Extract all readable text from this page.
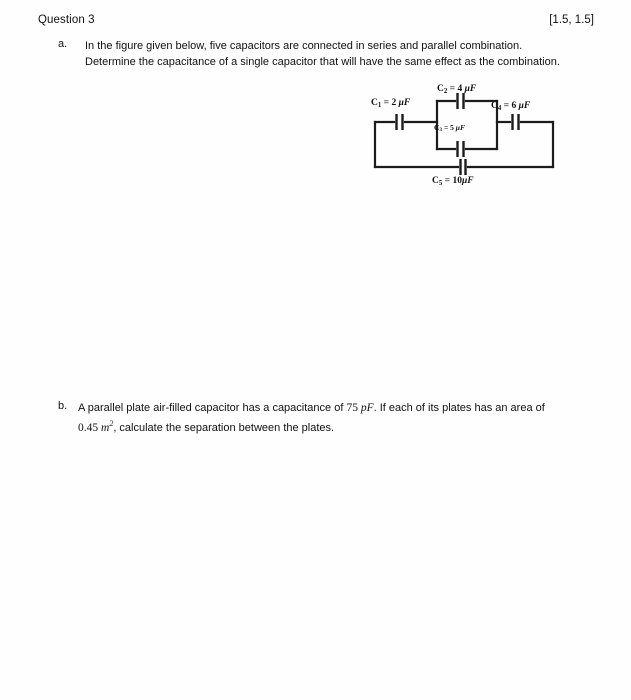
Question 3	[1.5, 1.5]
a. In the figure given below, five capacitors are connected in series and parallel combination.
Determine the capacitance of a single capacitor that will have the same effect as the combination.
$C_1 = 2$ μF
$C_2 = 4$ μF
$C_3 = 5$ μF
$C_4 = 6$ μF
$C_5 = 10\mu F$
b. A parallel plate air-filled capacitor has a capacitance of 75 pF. If each of its plates has an area of
0.45 $m^2$, calculate the separation between the plates.
